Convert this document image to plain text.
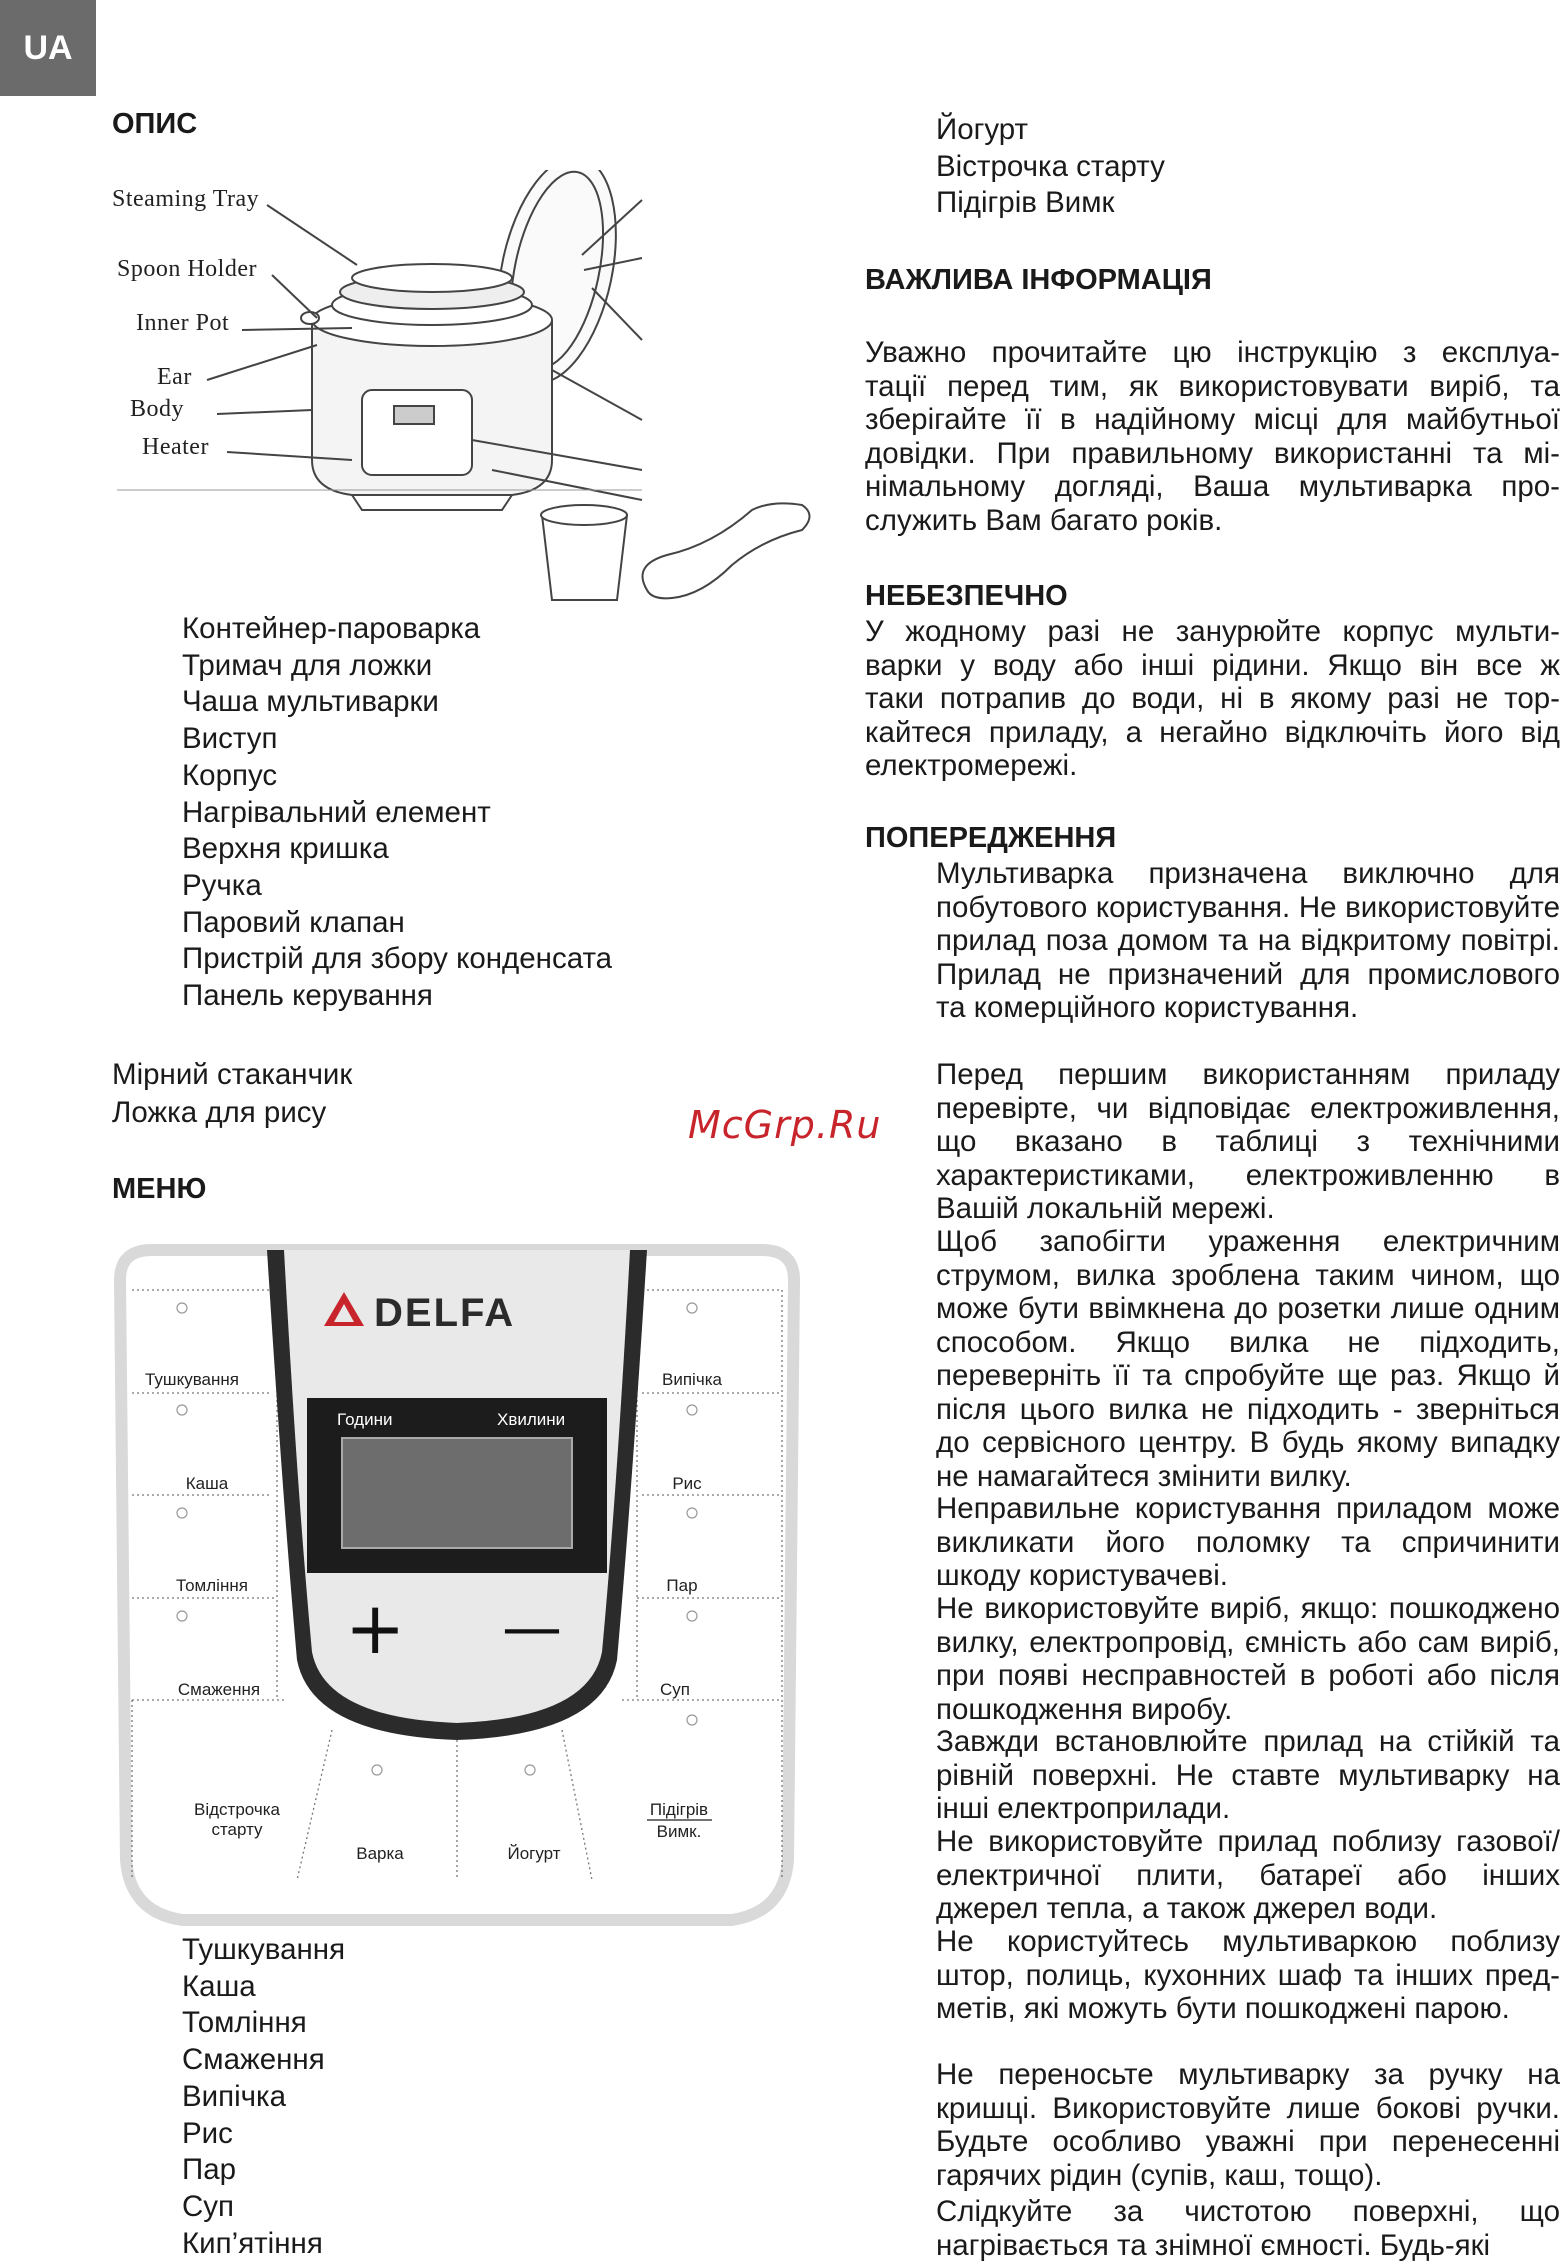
UA
ОПИС
Steaming Tray
Spoon Holder
Inner Pot
Ear
Body
Heater
Контейнер-пароварка
Тримач для ложки
Чаша мультиварки
Виступ
Корпус
Нагрівальний елемент
Верхня кришка
Ручка
Паровий клапан
Пристрій для збору конденсата
Панель керування
Мірний стаканчик
Ложка для рису	McGrp.Ru
МЕНЮ
DELFA
Години	Хвилини
+ —
Тушкування
Каша
Томління
Смаження
Випічка
Рис
Пар
Суп
Відстрочка
старту
Варка	Йогурт
Підігрів
Вимк.
Тушкування
Каша
Томління
Смаження
Випічка
Рис
Пар
Суп
Кип’ятіння
Йогурт
Вістрочка старту
Підігрів Вимк
ВАЖЛИВА ІНФОРМАЦІЯ
Уважно прочитайте цю інструкцію з експлуа-
тації перед тим, як використовувати виріб, та
зберігайте її в надійному місці для майбутньої
довідки. При правильному використанні та мі-
німальному догляді, Ваша мультиварка про-
служить Вам багато років.
НЕБЕЗПЕЧНО
У жодному разі не занурюйте корпус мульти-
варки у воду або інші рідини. Якщо він все ж
таки потрапив до води, ні в якому разі не тор-
кайтеся приладу, а негайно відключіть його від
електромережі.
ПОПЕРЕДЖЕННЯ

Мультиварка призначена виключно для побутового користування. Не використовуйте прилад поза домом та на відкритому повітрі. Прилад не призначений для промислового та комерційного користування.

Перед першим використанням приладу перевірте, чи відповідає електроживлення, що вказано в таблиці з технічними характеристиками, електроживленню в Вашій локальній мережі.

Щоб запобігти ураження електричним струмом, вилка зроблена таким чином, що може бути ввімкнена до розетки лише одним способом. Якщо вилка не підходить, переверніть її та спробуйте ще раз. Якщо й після цього вилка не підходить - зверніться до сервісного центру. В будь якому випадку не намагайтеся змінити вилку.

Неправильне користування приладом може викликати його поломку та спричинити шкоду користувачеві.

Не використовуйте виріб, якщо: пошкоджено вилку, електропровід, ємність або сам виріб, при появі несправностей в роботі або після пошкодження виробу.

Завжди встановлюйте прилад на стійкій та рівній поверхні. Не ставте мультиварку на інші електроприлади.

Не використовуйте прилад поблизу газової/електричної плити, батареї або інших джерел тепла, а також джерел води.

Не користуйтесь мультиваркою поблизу штор, полиць, кухонних шаф та інших пред- метів, які можуть бути пошкоджені парою.

Не переносьте мультиварку за ручку на кришці. Використовуйте лише бокові ручки. Будьте особливо уважні при перенесенні гарячих рідин (супів, каш, тощо).

Слідкуйте за чистотою поверхні, що нагрівається та знімної ємності. Будь-які
